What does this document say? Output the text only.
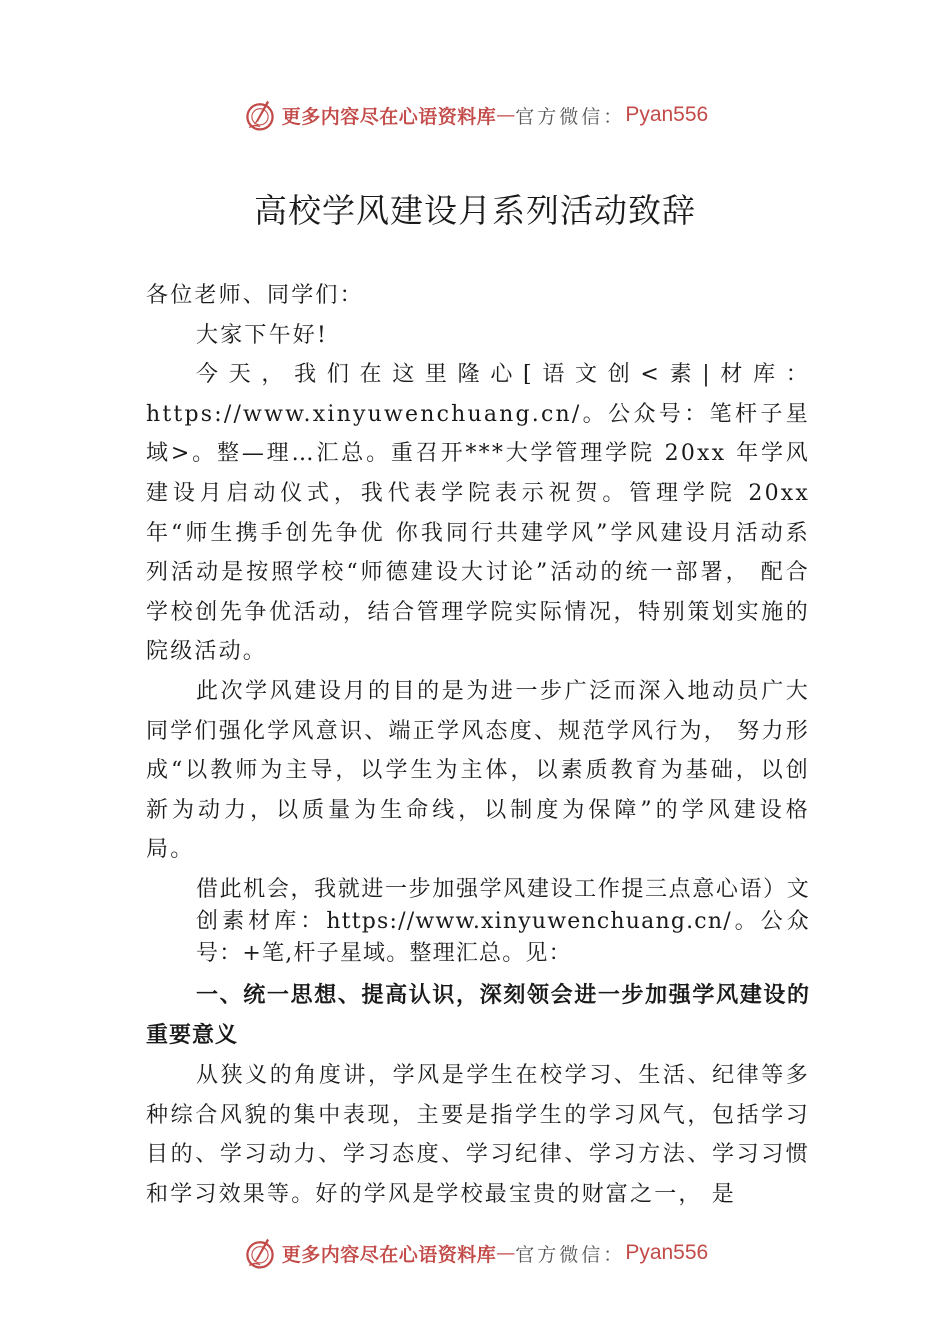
更多内容尽在心语资料库 — 官方微信： Pyan556
高校学风建设月系列活动致辞

各位老师、同学们：

大家下午好!

今天，我们在这里隆心[语文创<素|材库：https://www.xinyuwenchuang.cn/。公众号：笔杆子星域>。整—理…汇总。重召开***大学管理学院 20xx 年学风建设月启动仪式，我代表学院表示祝贺。管理学院 20xx 年“师生携手创先争优 你我同行共建学风”学风建设月活动系列活动是按照学校“师德建设大讨论”活动的统一部署， 配合学校创先争优活动，结合管理学院实际情况，特别策划实施的院级活动。

此次学风建设月的目的是为进一步广泛而深入地动员广大同学们强化学风意识、端正学风态度、规范学风行为， 努力形成“以教师为主导，以学生为主体，以素质教育为基础，以创新为动力，以质量为生命线，以制度为保障”的学风建设格局。

借此机会，我就进一步加强学风建设工作提三点意心语）文创素材库：https://www.xinyuwenchuang.cn/。公众号：+笔,杆子星域。整理汇总。见：

一、统一思想、提高认识，深刻领会进一步加强学风建设的重要意义

从狭义的角度讲，学风是学生在校学习、生活、纪律等多种综合风貌的集中表现，主要是指学生的学习风气，包括学习目的、学习动力、学习态度、学习纪律、学习方法、学习习惯和学习效果等。好的学风是学校最宝贵的财富之一， 是

更多内容尽在心语资料库 — 官方微信： Pyan556
